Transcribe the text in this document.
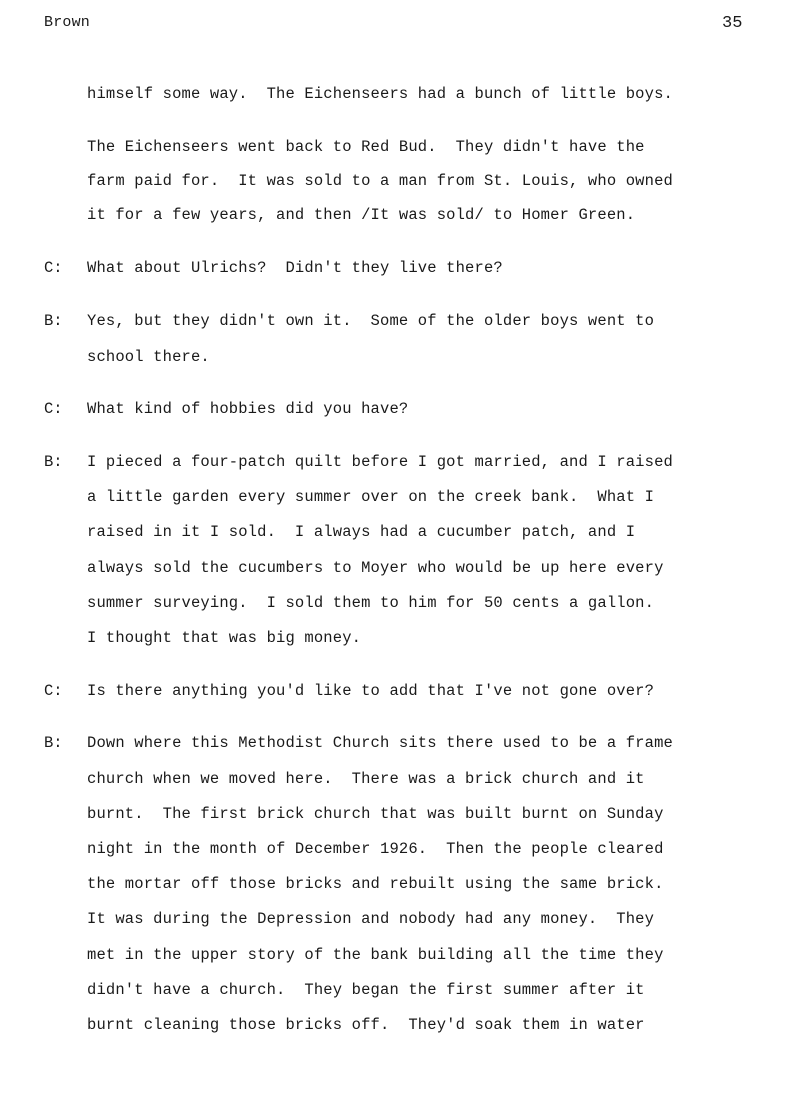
Brown	35
himself some way.  The Eichenseers had a bunch of little boys.
The Eichenseers went back to Red Bud.  They didn't have the
farm paid for.  It was sold to a man from St. Louis, who owned
it for a few years, and then /It was sold/ to Homer Green.
C:	What about Ulrichs?  Didn't they live there?
B:	Yes, but they didn't own it.  Some of the older boys went to
school there.
C:	What kind of hobbies did you have?
B:	I pieced a four-patch quilt before I got married, and I raised
a little garden every summer over on the creek bank.  What I
raised in it I sold.  I always had a cucumber patch, and I
always sold the cucumbers to Moyer who would be up here every
summer surveying.  I sold them to him for 50 cents a gallon.
I thought that was big money.
C:	Is there anything you'd like to add that I've not gone over?
B:	Down where this Methodist Church sits there used to be a frame
church when we moved here.  There was a brick church and it
burnt.  The first brick church that was built burnt on Sunday
night in the month of December 1926.  Then the people cleared
the mortar off those bricks and rebuilt using the same brick.
It was during the Depression and nobody had any money.  They
met in the upper story of the bank building all the time they
didn't have a church.  They began the first summer after it
burnt cleaning those bricks off.  They'd soak them in water
